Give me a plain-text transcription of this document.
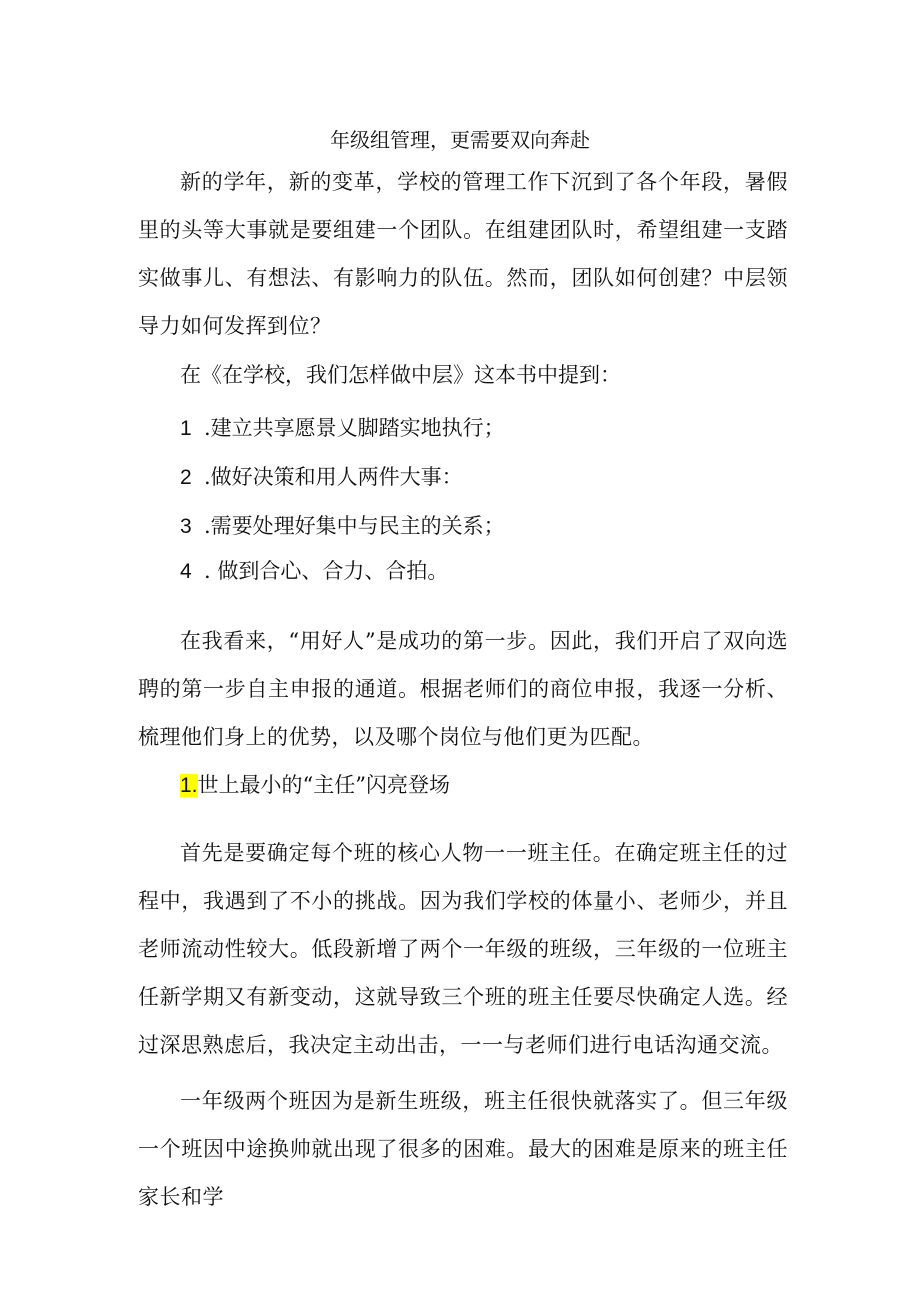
年级组管理，更需要双向奔赴
新的学年，新的变革，学校的管理工作下沉到了各个年段，暑假里的头等大事就是要组建一个团队。在组建团队时，希望组建一支踏实做事儿、有想法、有影响力的队伍。然而，团队如何创建？中层领导力如何发挥到位？
在《在学校，我们怎样做中层》这本书中提到：
1 .建立共享愿景乂脚踏实地执行；
2 .做好决策和用人两件大事：
3 .需要处理好集中与民主的关系；
4 . 做到合心、合力、合拍。
在我看来，“用好人”是成功的第一步。因此，我们开启了双向选聘的第一步自主申报的通道。根据老师们的商位申报，我逐一分析、梳理他们身上的优势，以及哪个岗位与他们更为匹配。
1.世上最小的“主任”闪亮登场
首先是要确定每个班的核心人物一一班主任。在确定班主任的过程中，我遇到了不小的挑战。因为我们学校的体量小、老师少，并且老师流动性较大。低段新增了两个一年级的班级，三年级的一位班主任新学期又有新变动，这就导致三个班的班主任要尽快确定人选。经过深思熟虑后，我决定主动出击，一一与老师们进行电话沟通交流。
一年级两个班因为是新生班级，班主任很快就落实了。但三年级一个班因中途换帅就出现了很多的困难。最大的困难是原来的班主任家长和学
